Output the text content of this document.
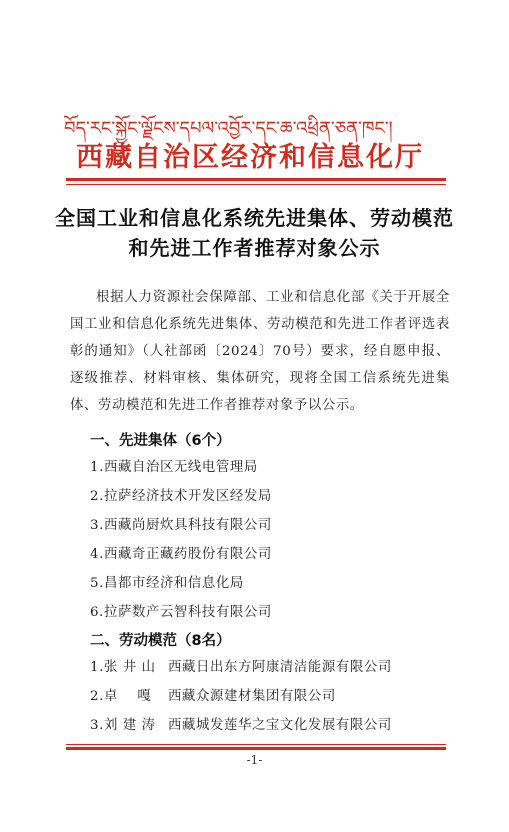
བོད་རང་སྐྱོང་ལྗོངས་དཔལ་འབྱོར་དང་ཆ་འཕྲིན་ཅན་ཁང་།
西藏自治区经济和信息化厅
全国工业和信息化系统先进集体、劳动模范
和先进工作者推荐对象公示
根据人力资源社会保障部、工业和信息化部《关于开展全国工业和信息化系统先进集体、劳动模范和先进工作者评选表彰的通知》（人社部函〔2024〕70号）要求，经自愿申报、逐级推荐、材料审核、集体研究，现将全国工信系统先进集体、劳动模范和先进工作者推荐对象予以公示。
一、先进集体（6个）
1.西藏自治区无线电管理局
2.拉萨经济技术开发区经发局
3.西藏尚厨炊具科技有限公司
4.西藏奇正藏药股份有限公司
5.昌都市经济和信息化局
6.拉萨数产云智科技有限公司
二、劳动模范（8名）
1.张 井 山 西藏日出东方阿康清洁能源有限公司
2.卓    嘎 西藏众源建材集团有限公司
3.刘 建 涛 西藏城发莲华之宝文化发展有限公司
-1-
